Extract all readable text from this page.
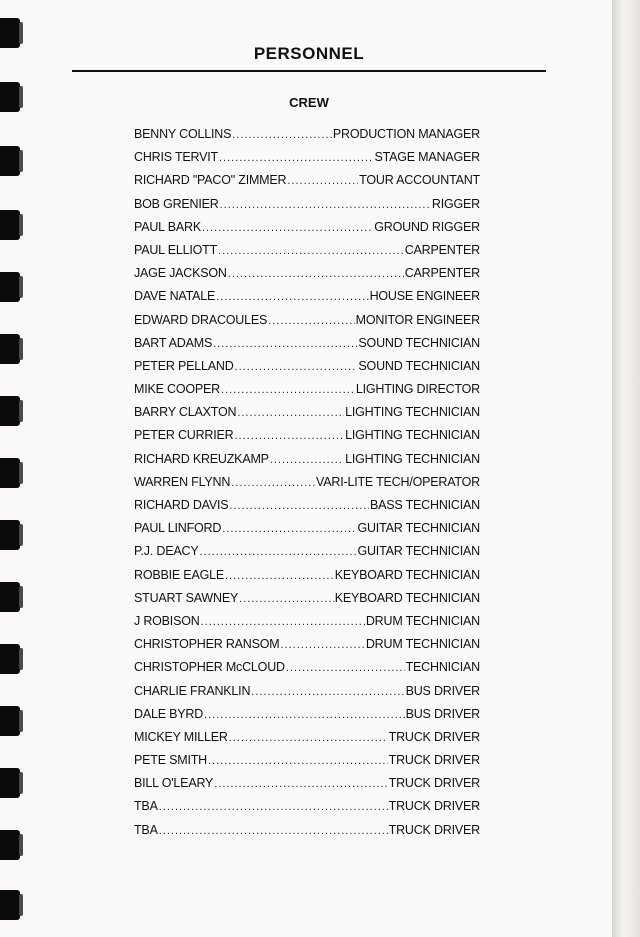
PERSONNEL
CREW
BENNY COLLINS .....	PRODUCTION MANAGER
CHRIS TERVIT .....	STAGE MANAGER
RICHARD "PACO" ZIMMER .....	TOUR ACCOUNTANT
BOB GRENIER .....	RIGGER
PAUL BARK .....	GROUND RIGGER
PAUL ELLIOTT .....	CARPENTER
JAGE JACKSON .....	CARPENTER
DAVE NATALE .....	HOUSE ENGINEER
EDWARD DRACOULES .....	MONITOR ENGINEER
BART ADAMS .....	SOUND TECHNICIAN
PETER PELLAND .....	SOUND TECHNICIAN
MIKE COOPER .....	LIGHTING DIRECTOR
BARRY CLAXTON .....	LIGHTING TECHNICIAN
PETER CURRIER .....	LIGHTING TECHNICIAN
RICHARD KREUZKAMP .....	LIGHTING TECHNICIAN
WARREN FLYNN .....	VARI-LITE TECH/OPERATOR
RICHARD DAVIS .....	BASS TECHNICIAN
PAUL LINFORD .....	GUITAR TECHNICIAN
P.J. DEACY .....	GUITAR TECHNICIAN
ROBBIE EAGLE .....	KEYBOARD TECHNICIAN
STUART SAWNEY .....	KEYBOARD TECHNICIAN
J ROBISON .....	DRUM TECHNICIAN
CHRISTOPHER RANSOM .....	DRUM TECHNICIAN
CHRISTOPHER McCLOUD .....	TECHNICIAN
CHARLIE FRANKLIN .....	BUS DRIVER
DALE BYRD .....	BUS DRIVER
MICKEY MILLER .....	TRUCK DRIVER
PETE SMITH .....	TRUCK DRIVER
BILL O'LEARY .....	TRUCK DRIVER
TBA .....	TRUCK DRIVER
TBA .....	TRUCK DRIVER
